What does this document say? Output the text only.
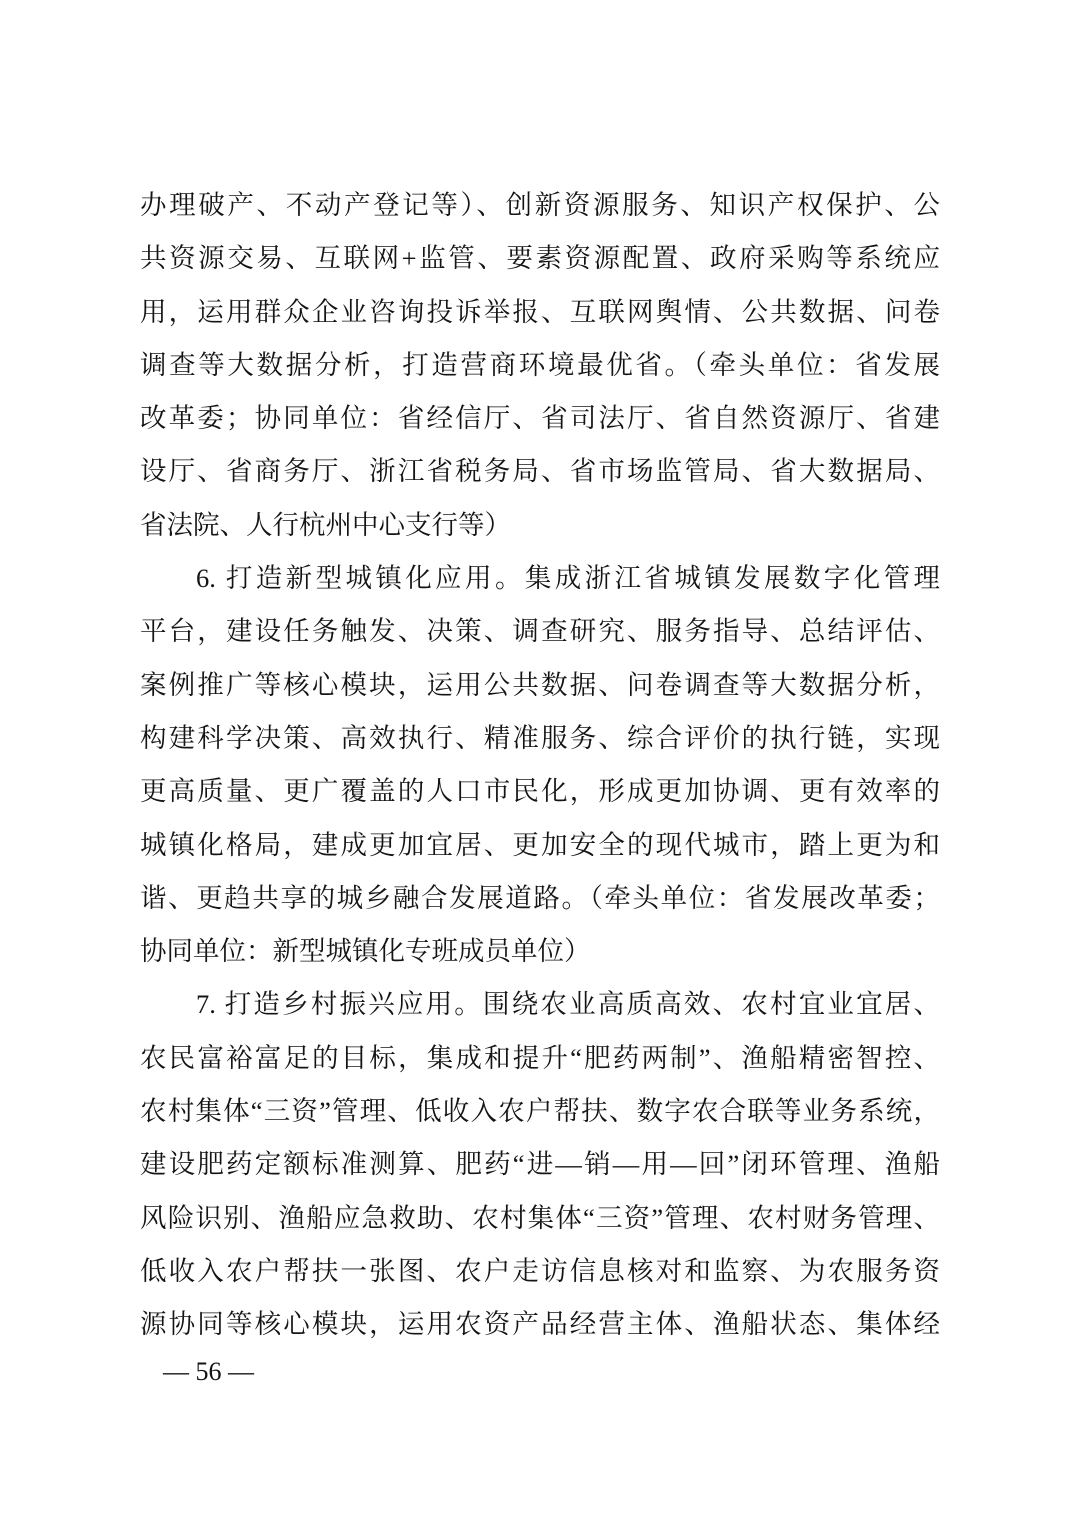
办理破产、不动产登记等）、创新资源服务、知识产权保护、公
共资源交易、互联网+监管、要素资源配置、政府采购等系统应
用，运用群众企业咨询投诉举报、互联网舆情、公共数据、问卷
调查等大数据分析，打造营商环境最优省。（牵头单位：省发展
改革委；协同单位：省经信厅、省司法厅、省自然资源厅、省建
设厅、省商务厅、浙江省税务局、省市场监管局、省大数据局、
省法院、人行杭州中心支行等）
6. 打造新型城镇化应用。集成浙江省城镇发展数字化管理
平台，建设任务触发、决策、调查研究、服务指导、总结评估、
案例推广等核心模块，运用公共数据、问卷调查等大数据分析，
构建科学决策、高效执行、精准服务、综合评价的执行链，实现
更高质量、更广覆盖的人口市民化，形成更加协调、更有效率的
城镇化格局，建成更加宜居、更加安全的现代城市，踏上更为和
谐、更趋共享的城乡融合发展道路。（牵头单位：省发展改革委；
协同单位：新型城镇化专班成员单位）
7. 打造乡村振兴应用。围绕农业高质高效、农村宜业宜居、
农民富裕富足的目标，集成和提升“肥药两制”、渔船精密智控、
农村集体“三资”管理、低收入农户帮扶、数字农合联等业务系统，
建设肥药定额标准测算、肥药“进—销—用—回”闭环管理、渔船
风险识别、渔船应急救助、农村集体“三资”管理、农村财务管理、
低收入农户帮扶一张图、农户走访信息核对和监察、为农服务资
源协同等核心模块，运用农资产品经营主体、渔船状态、集体经
— 56 —
